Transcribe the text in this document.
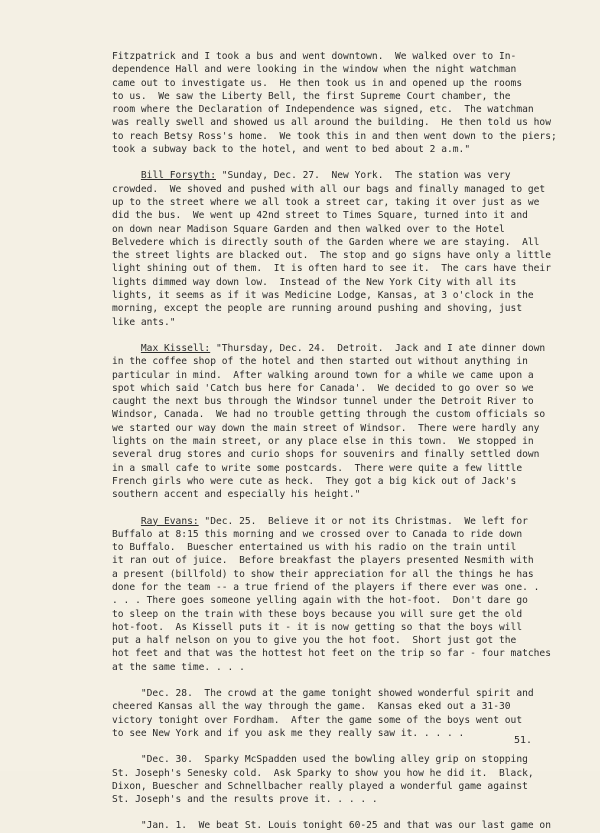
Fitzpatrick and I took a bus and went downtown.  We walked over to In-
dependence Hall and were looking in the window when the night watchman
came out to investigate us.  He then took us in and opened up the rooms
to us.  We saw the Liberty Bell, the first Supreme Court chamber, the
room where the Declaration of Independence was signed, etc.  The watchman
was really swell and showed us all around the building.  He then told us how
to reach Betsy Ross's home.  We took this in and then went down to the piers;
took a subway back to the hotel, and went to bed about 2 a.m."
Bill Forsyth: "Sunday, Dec. 27.  New York.  The station was very
crowded.  We shoved and pushed with all our bags and finally managed to get
up to the street where we all took a street car, taking it over just as we
did the bus.  We went up 42nd street to Times Square, turned into it and
on down near Madison Square Garden and then walked over to the Hotel
Belvedere which is directly south of the Garden where we are staying.  All
the street lights are blacked out.  The stop and go signs have only a little
light shining out of them.  It is often hard to see it.  The cars have their
lights dimmed way down low.  Instead of the New York City with all its
lights, it seems as if it was Medicine Lodge, Kansas, at 3 o'clock in the
morning, except the people are running around pushing and shoving, just
like ants."
Max Kissell: "Thursday, Dec. 24.  Detroit.  Jack and I ate dinner down
in the coffee shop of the hotel and then started out without anything in
particular in mind.  After walking around town for a while we came upon a
spot which said 'Catch bus here for Canada'.  We decided to go over so we
caught the next bus through the Windsor tunnel under the Detroit River to
Windsor, Canada.  We had no trouble getting through the custom officials so
we started our way down the main street of Windsor.  There were hardly any
lights on the main street, or any place else in this town.  We stopped in
several drug stores and curio shops for souvenirs and finally settled down
in a small cafe to write some postcards.  There were quite a few little
French girls who were cute as heck.  They got a big kick out of Jack's
southern accent and especially his height."
Ray Evans: "Dec. 25.  Believe it or not its Christmas.  We left for
Buffalo at 8:15 this morning and we crossed over to Canada to ride down
to Buffalo.  Buescher entertained us with his radio on the train until
it ran out of juice.  Before breakfast the players presented Nesmith with
a present (billfold) to show their appreciation for all the things he has
done for the team -- a true friend of the players if there ever was one. .
. . . There goes someone yelling again with the hot-foot.  Don't dare go
to sleep on the train with these boys because you will sure get the old
hot-foot.  As Kissell puts it - it is now getting so that the boys will
put a half nelson on you to give you the hot foot.  Short just got the
hot feet and that was the hottest hot feet on the trip so far - four matches
at the same time. . . .
"Dec. 28.  The crowd at the game tonight showed wonderful spirit and
cheered Kansas all the way through the game.  Kansas eked out a 31-30
victory tonight over Fordham.  After the game some of the boys went out
to see New York and if you ask me they really saw it. . . . .
"Dec. 30.  Sparky McSpadden used the bowling alley grip on stopping
St. Joseph's Senesky cold.  Ask Sparky to show you how he did it.  Black,
Dixon, Buescher and Schnellbacher really played a wonderful game against
St. Joseph's and the results prove it. . . . .
"Jan. 1.  We beat St. Louis tonight 60-25 and that was our last game on
51.
